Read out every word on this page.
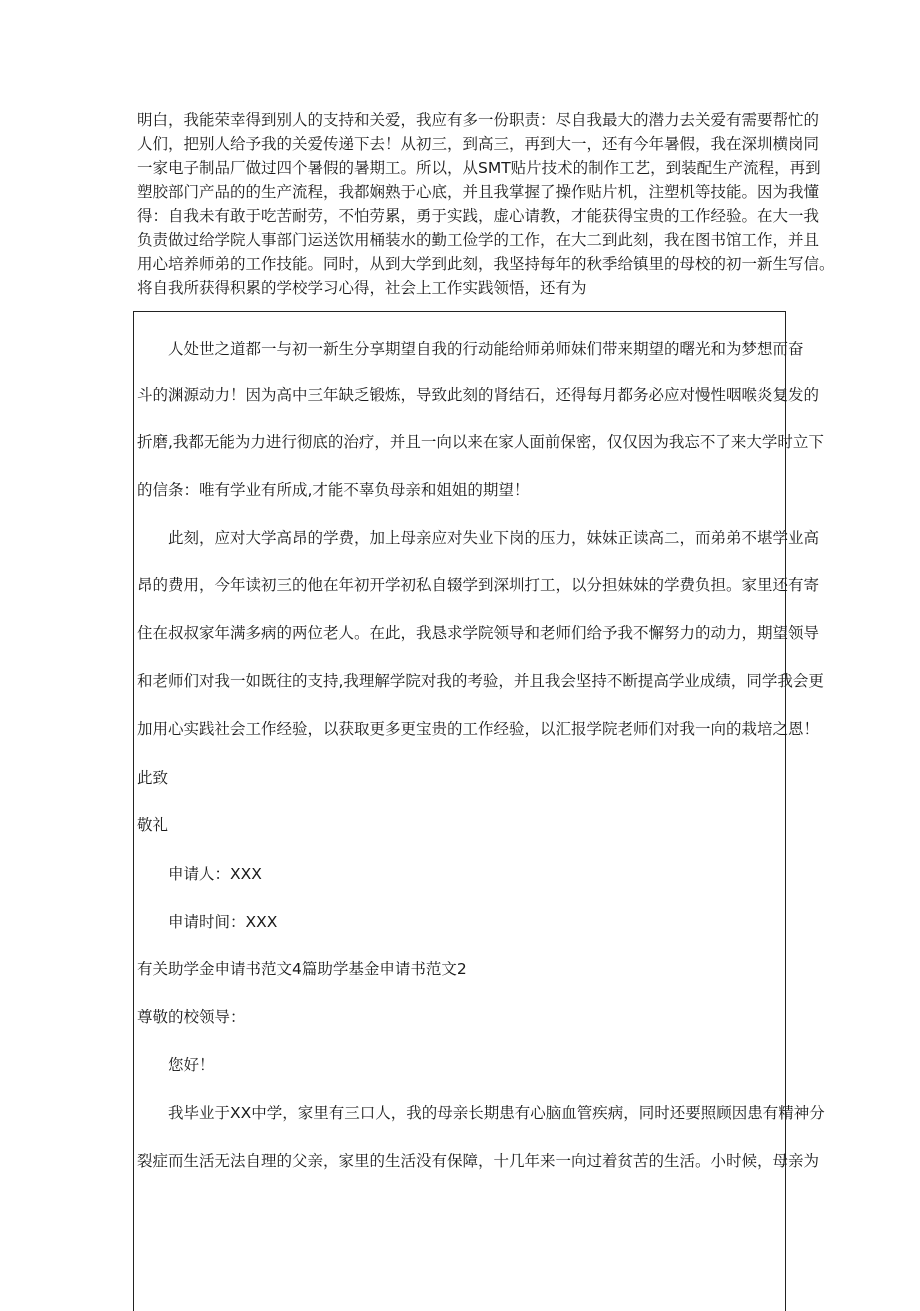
明白，我能荣幸得到别人的支持和关爱，我应有多一份职责：尽自我最大的潜力去关爱有需要帮忙的
人们，把别人给予我的关爱传递下去！从初三，到高三，再到大一，还有今年暑假，我在深圳横岗同
一家电子制品厂做过四个暑假的暑期工。所以，从SMT贴片技术的制作工艺，到装配生产流程，再到
塑胶部门产品的的生产流程，我都娴熟于心底，并且我掌握了操作贴片机，注塑机等技能。因为我懂
得：自我未有敢于吃苦耐劳，不怕劳累，勇于实践，虚心请教，才能获得宝贵的工作经验。在大一我
负责做过给学院人事部门运送饮用桶装水的勤工俭学的工作，在大二到此刻，我在图书馆工作，并且
用心培养师弟的工作技能。同时，从到大学到此刻，我坚持每年的秋季给镇里的母校的初一新生写信。
将自我所获得积累的学校学习心得，社会上工作实践领悟，还有为

人处世之道都一与初一新生分享期望自我的行动能给师弟师妹们带来期望的曙光和为梦想而奋

斗的渊源动力！因为高中三年缺乏锻炼，导致此刻的肾结石，还得每月都务必应对慢性咽喉炎复发的

折磨,我都无能为力进行彻底的治疗，并且一向以来在家人面前保密，仅仅因为我忘不了来大学时立下

的信条：唯有学业有所成,才能不辜负母亲和姐姐的期望！

此刻，应对大学高昂的学费，加上母亲应对失业下岗的压力，妹妹正读高二，而弟弟不堪学业高

昂的费用，今年读初三的他在年初开学初私自辍学到深圳打工，以分担妹妹的学费负担。家里还有寄

住在叔叔家年满多病的两位老人。在此，我恳求学院领导和老师们给予我不懈努力的动力，期望领导

和老师们对我一如既往的支持,我理解学院对我的考验，并且我会坚持不断提高学业成绩，同学我会更

加用心实践社会工作经验，以获取更多更宝贵的工作经验，以汇报学院老师们对我一向的栽培之恩！

此致

敬礼

申请人：XXX

申请时间：XXX

有关助学金申请书范文4篇助学基金申请书范文2

尊敬的校领导：

您好！

我毕业于XX中学，家里有三口人，我的母亲长期患有心脑血管疾病，同时还要照顾因患有精神分

裂症而生活无法自理的父亲，家里的生活没有保障，十几年来一向过着贫苦的生活。小时候，母亲为
